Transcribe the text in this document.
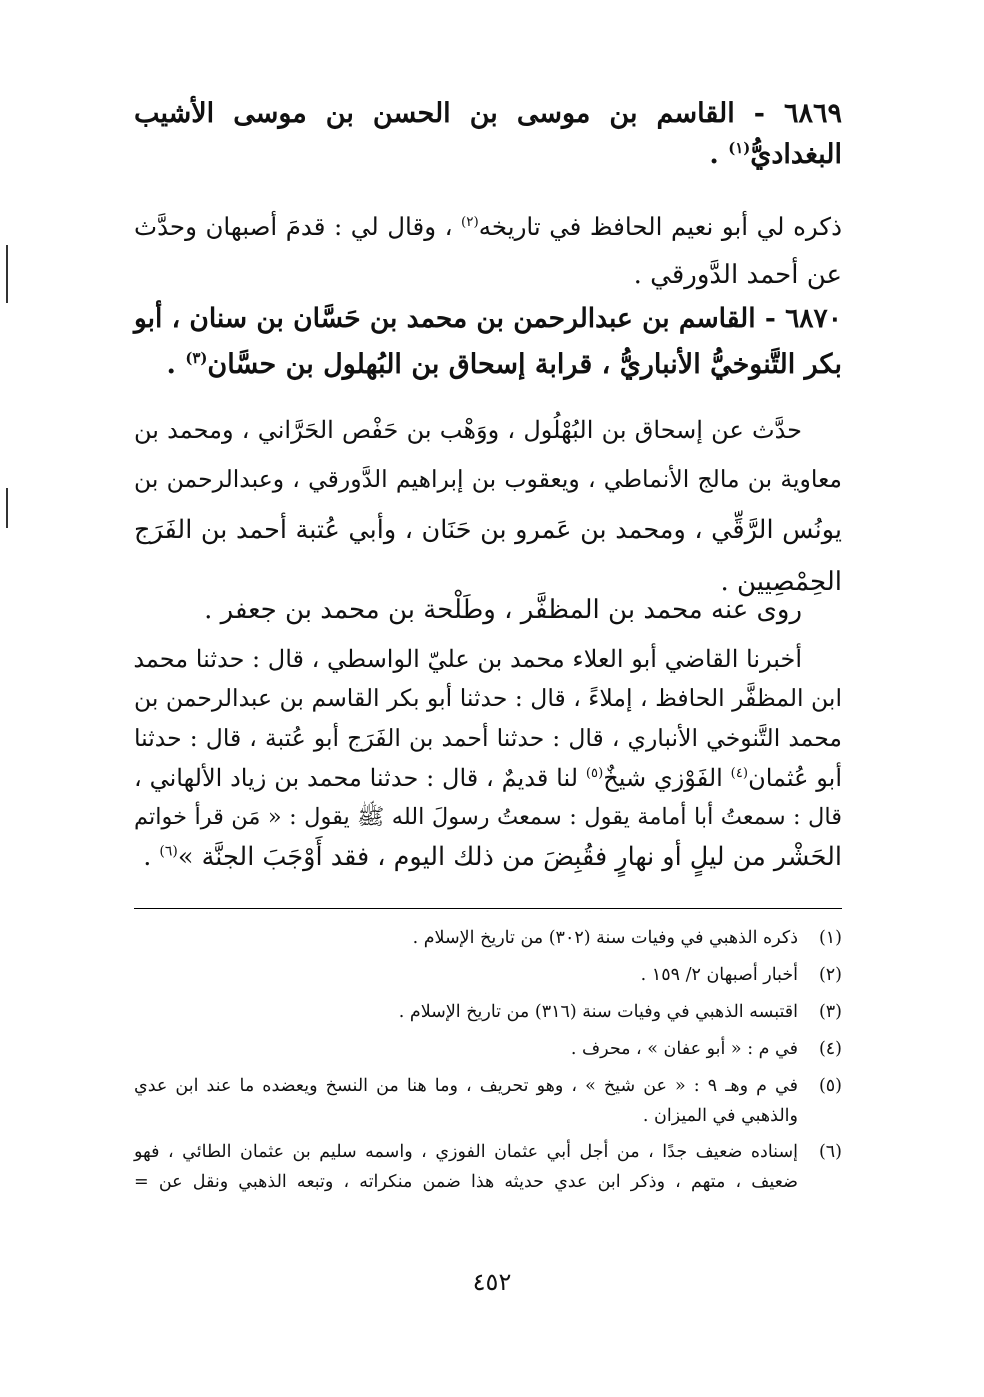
٦٨٦٩ - القاسم بن موسى بن الحسن بن موسى الأشيب
البغداديُّ$^{(١)}$ .
ذكره لي أبو نعيم الحافظ في تاريخه$^{(٢)}$ ، وقال لي : قدمَ أصبهان وحدَّث
عن أحمد الدَّورقي .
٦٨٧٠ - القاسم بن عبدالرحمن بن محمد بن حَسَّان بن سنان ، أبو
بكر التَّنوخيُّ الأنباريُّ ، قرابة إسحاق بن البُهلول بن حسَّان$^{(٣)}$ .
حدَّث عن إسحاق بن البُهْلُول ، ووَهْب بن حَفْص الحَرَّاني ، ومحمد بن
معاوية بن مالج الأنماطي ، ويعقوب بن إبراهيم الدَّورقي ، وعبدالرحمن بن
يونُس الرَّقِّي ، ومحمد بن عَمرو بن حَنَان ، وأبي عُتبة أحمد بن الفَرَج
الحِمْصِيين .
روى عنه محمد بن المظفَّر ، وطَلْحة بن محمد بن جعفر .
أخبرنا القاضي أبو العلاء محمد بن عليّ الواسطي ، قال : حدثنا محمد
ابن المظفَّر الحافظ ، إملاءً ، قال : حدثنا أبو بكر القاسم بن عبدالرحمن بن
محمد التَّنوخي الأنباري ، قال : حدثنا أحمد بن الفَرَج أبو عُتبة ، قال : حدثنا
أبو عُثمان$^{(٤)}$ الفَوْزي شيخٌ$^{(٥)}$ لنا قديمٌ ، قال : حدثنا محمد بن زياد الألهاني ،
قال : سمعتُ أبا أمامة يقول : سمعتُ رسولَ الله ﷺ يقول : « مَن قرأ خواتم
الحَشْر من ليلٍ أو نهارٍ فقُبِضَ من ذلك اليوم ، فقد أَوْجَبَ الجنَّة »$^{(٦)}$ .
(١)
ذكره الذهبي في وفيات سنة (٣٠٢) من تاريخ الإسلام .
(٢)
أخبار أصبهان ٢/ ١٥٩ .
(٣)
اقتبسه الذهبي في وفيات سنة (٣١٦) من تاريخ الإسلام .
(٤)
في م : « أبو عفان » ، محرف .
(٥)
في م وهـ ٩ : « عن شيخ » ، وهو تحريف ، وما هنا من النسخ ويعضده ما عند ابن عدي
والذهبي في الميزان .
(٦)
إسناده ضعيف جدًا ، من أجل أبي عثمان الفوزي ، واسمه سليم بن عثمان الطائي ، فهو
ضعيف ، متهم ، وذكر ابن عدي حديثه هذا ضمن منكراته ، وتبعه الذهبي ونقل عن =
٤٥٢
